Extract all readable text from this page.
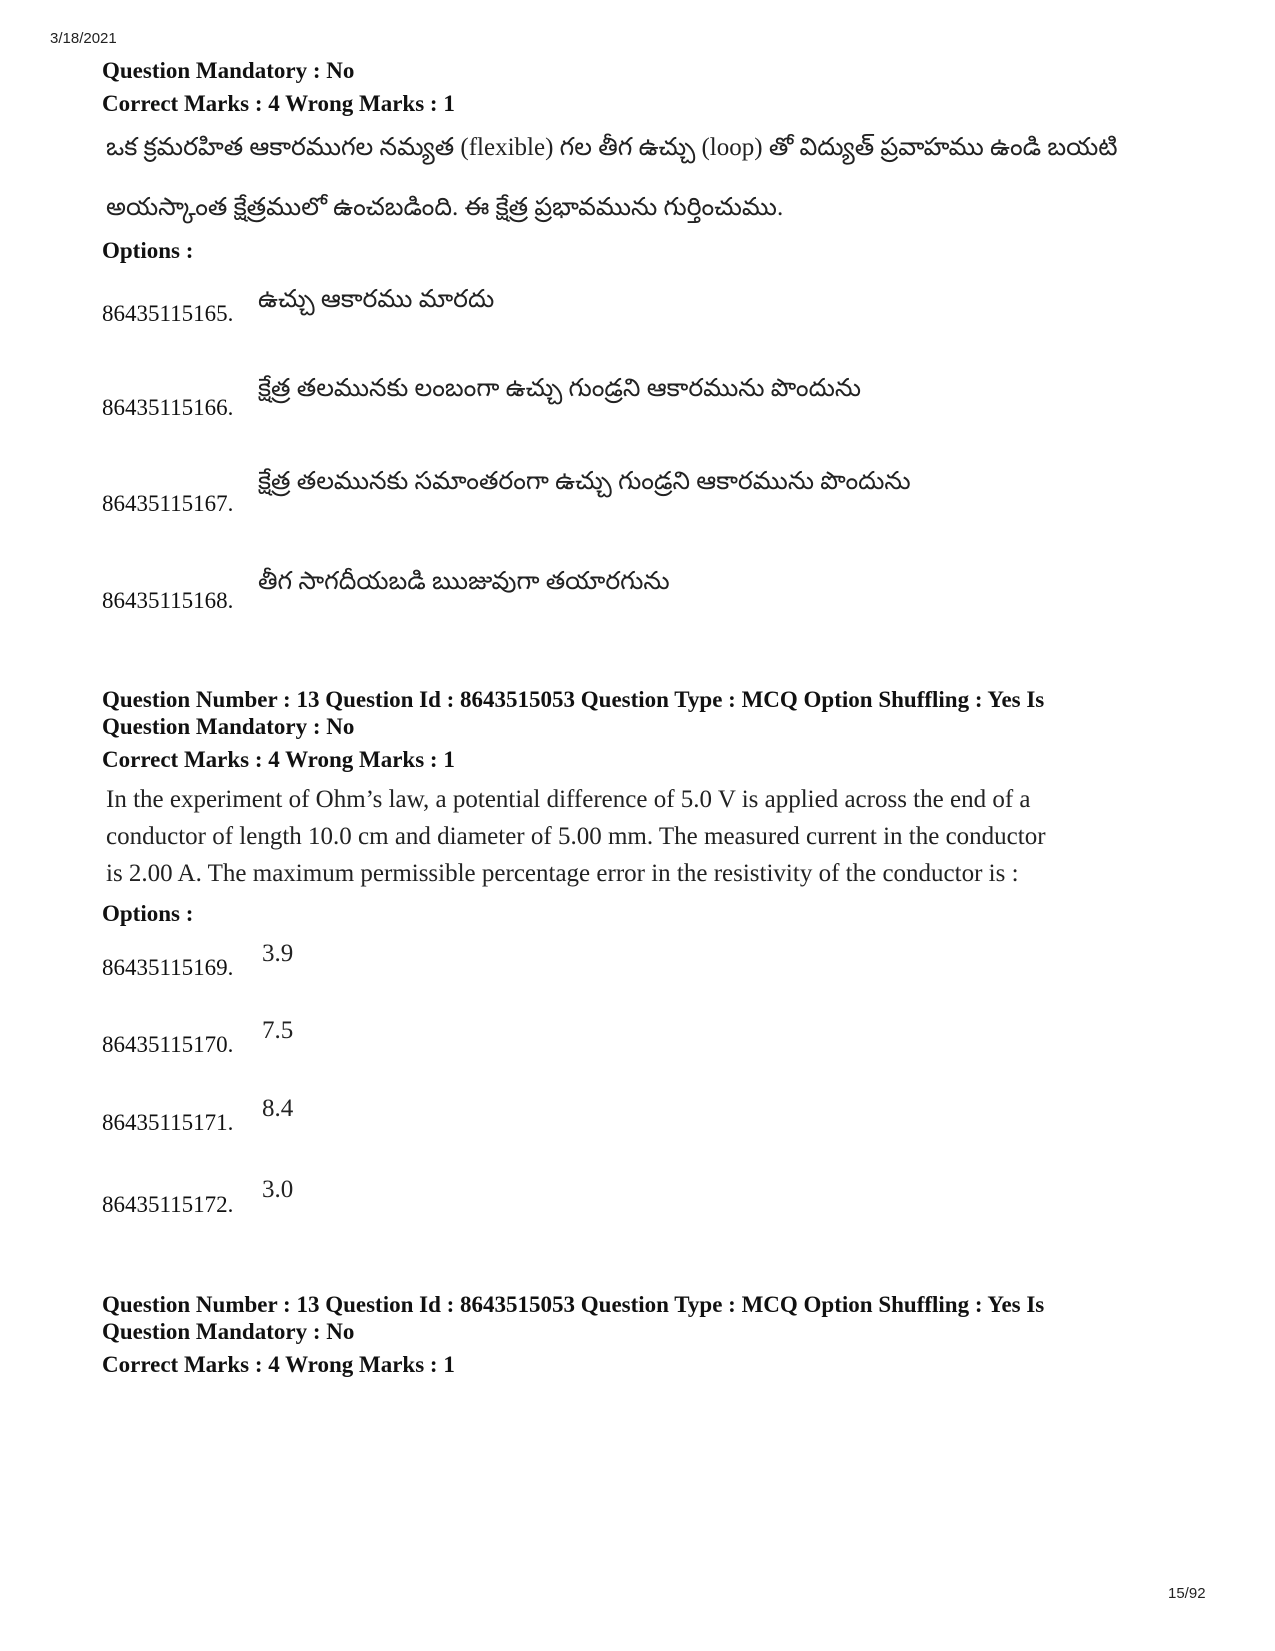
3/18/2021
Question Mandatory : No
Correct Marks : 4 Wrong Marks : 1
ఒక క్రమరహిత ఆకారముగల నమ్యత (flexible) గల తీగ ఉచ్చు (loop) తో విద్యుత్ ప్రవాహము ఉండి బయటి
అయస్కాంత క్షేత్రములో ఉంచబడింది. ఈ క్షేత్ర ప్రభావమును గుర్తించుము.
Options :
86435115165.
ఉచ్చు ఆకారము మారదు
86435115166.
క్షేత్ర తలమునకు లంబంగా ఉచ్చు గుండ్రని ఆకారమును పొందును
86435115167.
క్షేత్ర తలమునకు సమాంతరంగా ఉచ్చు గుండ్రని ఆకారమును పొందును
86435115168.
తీగ సాగదీయబడి ఋజువుగా తయారగును
Question Number : 13 Question Id : 8643515053 Question Type : MCQ Option Shuffling : Yes Is
Question Mandatory : No
Correct Marks : 4 Wrong Marks : 1
In the experiment of Ohm’s law, a potential difference of 5.0 V is applied across the end of a
conductor of length 10.0 cm and diameter of 5.00 mm. The measured current in the conductor
is 2.00 A. The maximum permissible percentage error in the resistivity of the conductor is :
Options :
86435115169.
3.9
86435115170.
7.5
86435115171.
8.4
86435115172.
3.0
Question Number : 13 Question Id : 8643515053 Question Type : MCQ Option Shuffling : Yes Is
Question Mandatory : No
Correct Marks : 4 Wrong Marks : 1
15/92
